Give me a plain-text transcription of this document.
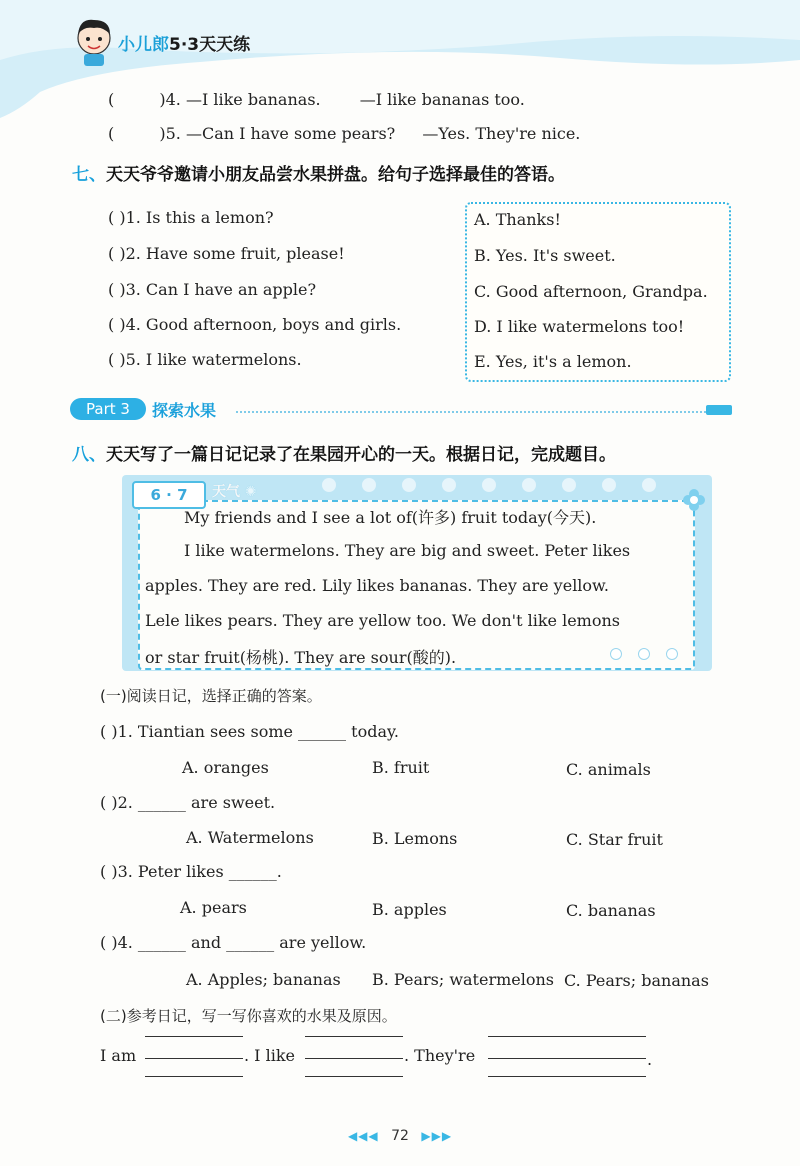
小儿郎5·3天天练
(	)4. —I like bananas. —I like bananas too.
(	)5. —Can I have some pears? —Yes. They're nice.
七、天天爷爷邀请小朋友品尝水果拼盘。给句子选择最佳的答语。
( )1. Is this a lemon?
( )2. Have some fruit, please!
( )3. Can I have an apple?
( )4. Good afternoon, boys and girls.
( )5. I like watermelons.
A. Thanks!
B. Yes. It's sweet.
C. Good afternoon, Grandpa.
D. I like watermelons too!
E. Yes, it's a lemon.
Part 3	探索水果
八、天天写了一篇日记记录了在果园开心的一天。根据日记，完成题目。
6 · 7	天气 ✺
My friends and I see a lot of(许多) fruit today(今天).
I like watermelons. They are big and sweet. Peter likes
apples. They are red. Lily likes bananas. They are yellow.
Lele likes pears. They are yellow too. We don't like lemons
or star fruit(杨桃). They are sour(酸的).
(一)阅读日记，选择正确的答案。
( )1. Tiantian sees some ______ today.
A. oranges	B. fruit	C. animals
( )2. ______ are sweet.
A. Watermelons	B. Lemons	C. Star fruit
( )3. Peter likes ______.
A. pears	B. apples	C. bananas
( )4. ______ and ______ are yellow.
A. Apples; bananas B. Pears; watermelons C. Pears; bananas
(二)参考日记，写一写你喜欢的水果及原因。
I am	. I like	. They're	.
◀◀◀ 72 ▶▶▶
